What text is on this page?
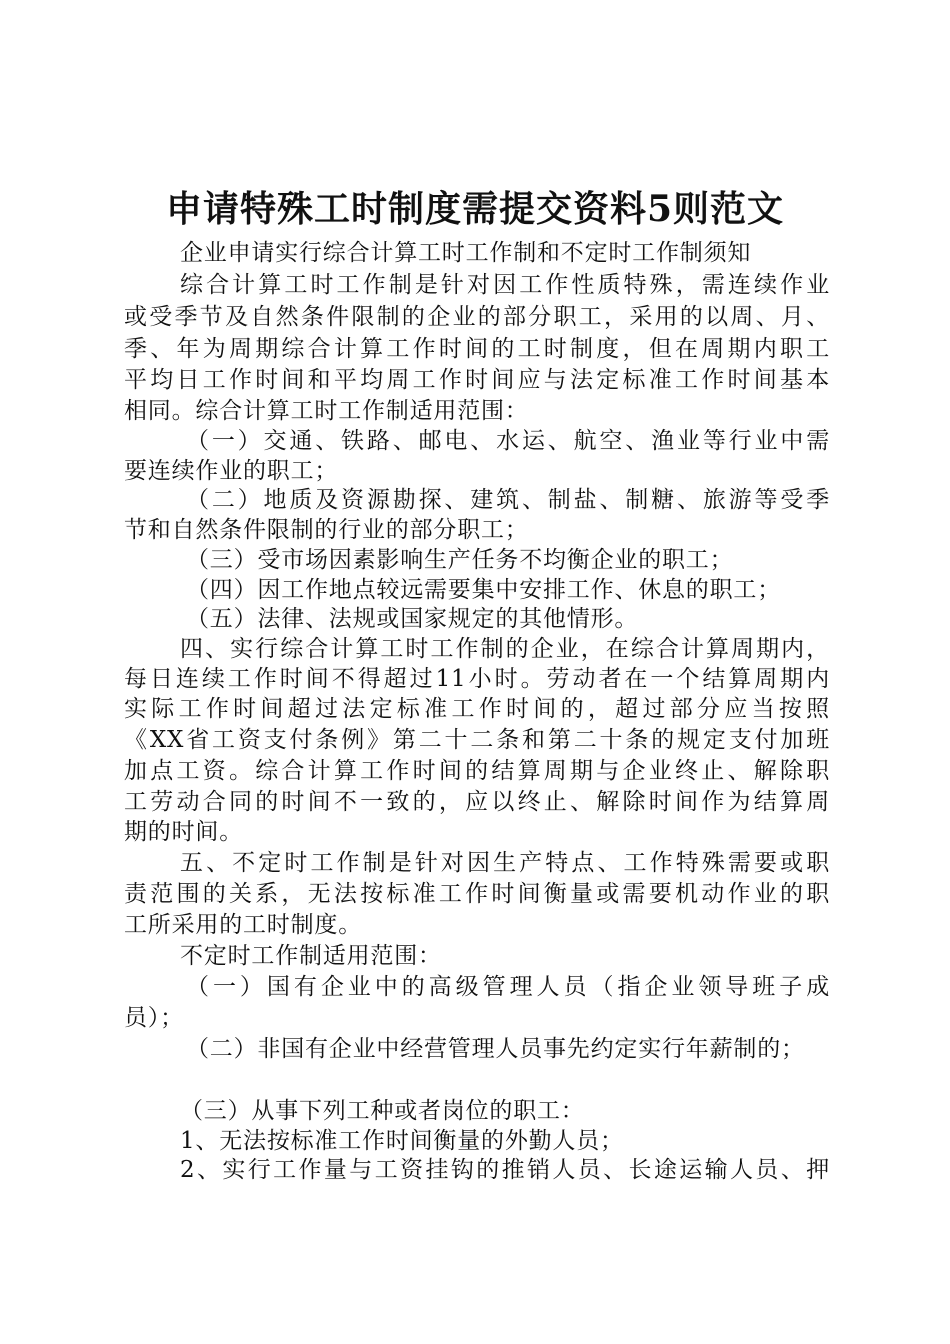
申请特殊工时制度需提交资料5则范文
企业申请实行综合计算工时工作制和不定时工作制须知
综合计算工时工作制是针对因工作性质特殊，需连续作业
或受季节及自然条件限制的企业的部分职工，采用的以周、月、
季、年为周期综合计算工作时间的工时制度，但在周期内职工
平均日工作时间和平均周工作时间应与法定标准工作时间基本
相同。综合计算工时工作制适用范围：
（一）交通、铁路、邮电、水运、航空、渔业等行业中需
要连续作业的职工；
（二）地质及资源勘探、建筑、制盐、制糖、旅游等受季
节和自然条件限制的行业的部分职工；
（三）受市场因素影响生产任务不均衡企业的职工；
（四）因工作地点较远需要集中安排工作、休息的职工；
（五）法律、法规或国家规定的其他情形。
四、实行综合计算工时工作制的企业，在综合计算周期内，
每日连续工作时间不得超过11小时。劳动者在一个结算周期内
实际工作时间超过法定标准工作时间的，超过部分应当按照
《XX省工资支付条例》第二十二条和第二十条的规定支付加班
加点工资。综合计算工作时间的结算周期与企业终止、解除职
工劳动合同的时间不一致的，应以终止、解除时间作为结算周
期的时间。
五、不定时工作制是针对因生产特点、工作特殊需要或职
责范围的关系，无法按标准工作时间衡量或需要机动作业的职
工所采用的工时制度。
不定时工作制适用范围：
（一）国有企业中的高级管理人员（指企业领导班子成
员）；
（二）非国有企业中经营管理人员事先约定实行年薪制的；
（三）从事下列工种或者岗位的职工：
1、无法按标准工作时间衡量的外勤人员；
2、实行工作量与工资挂钩的推销人员、长途运输人员、押
